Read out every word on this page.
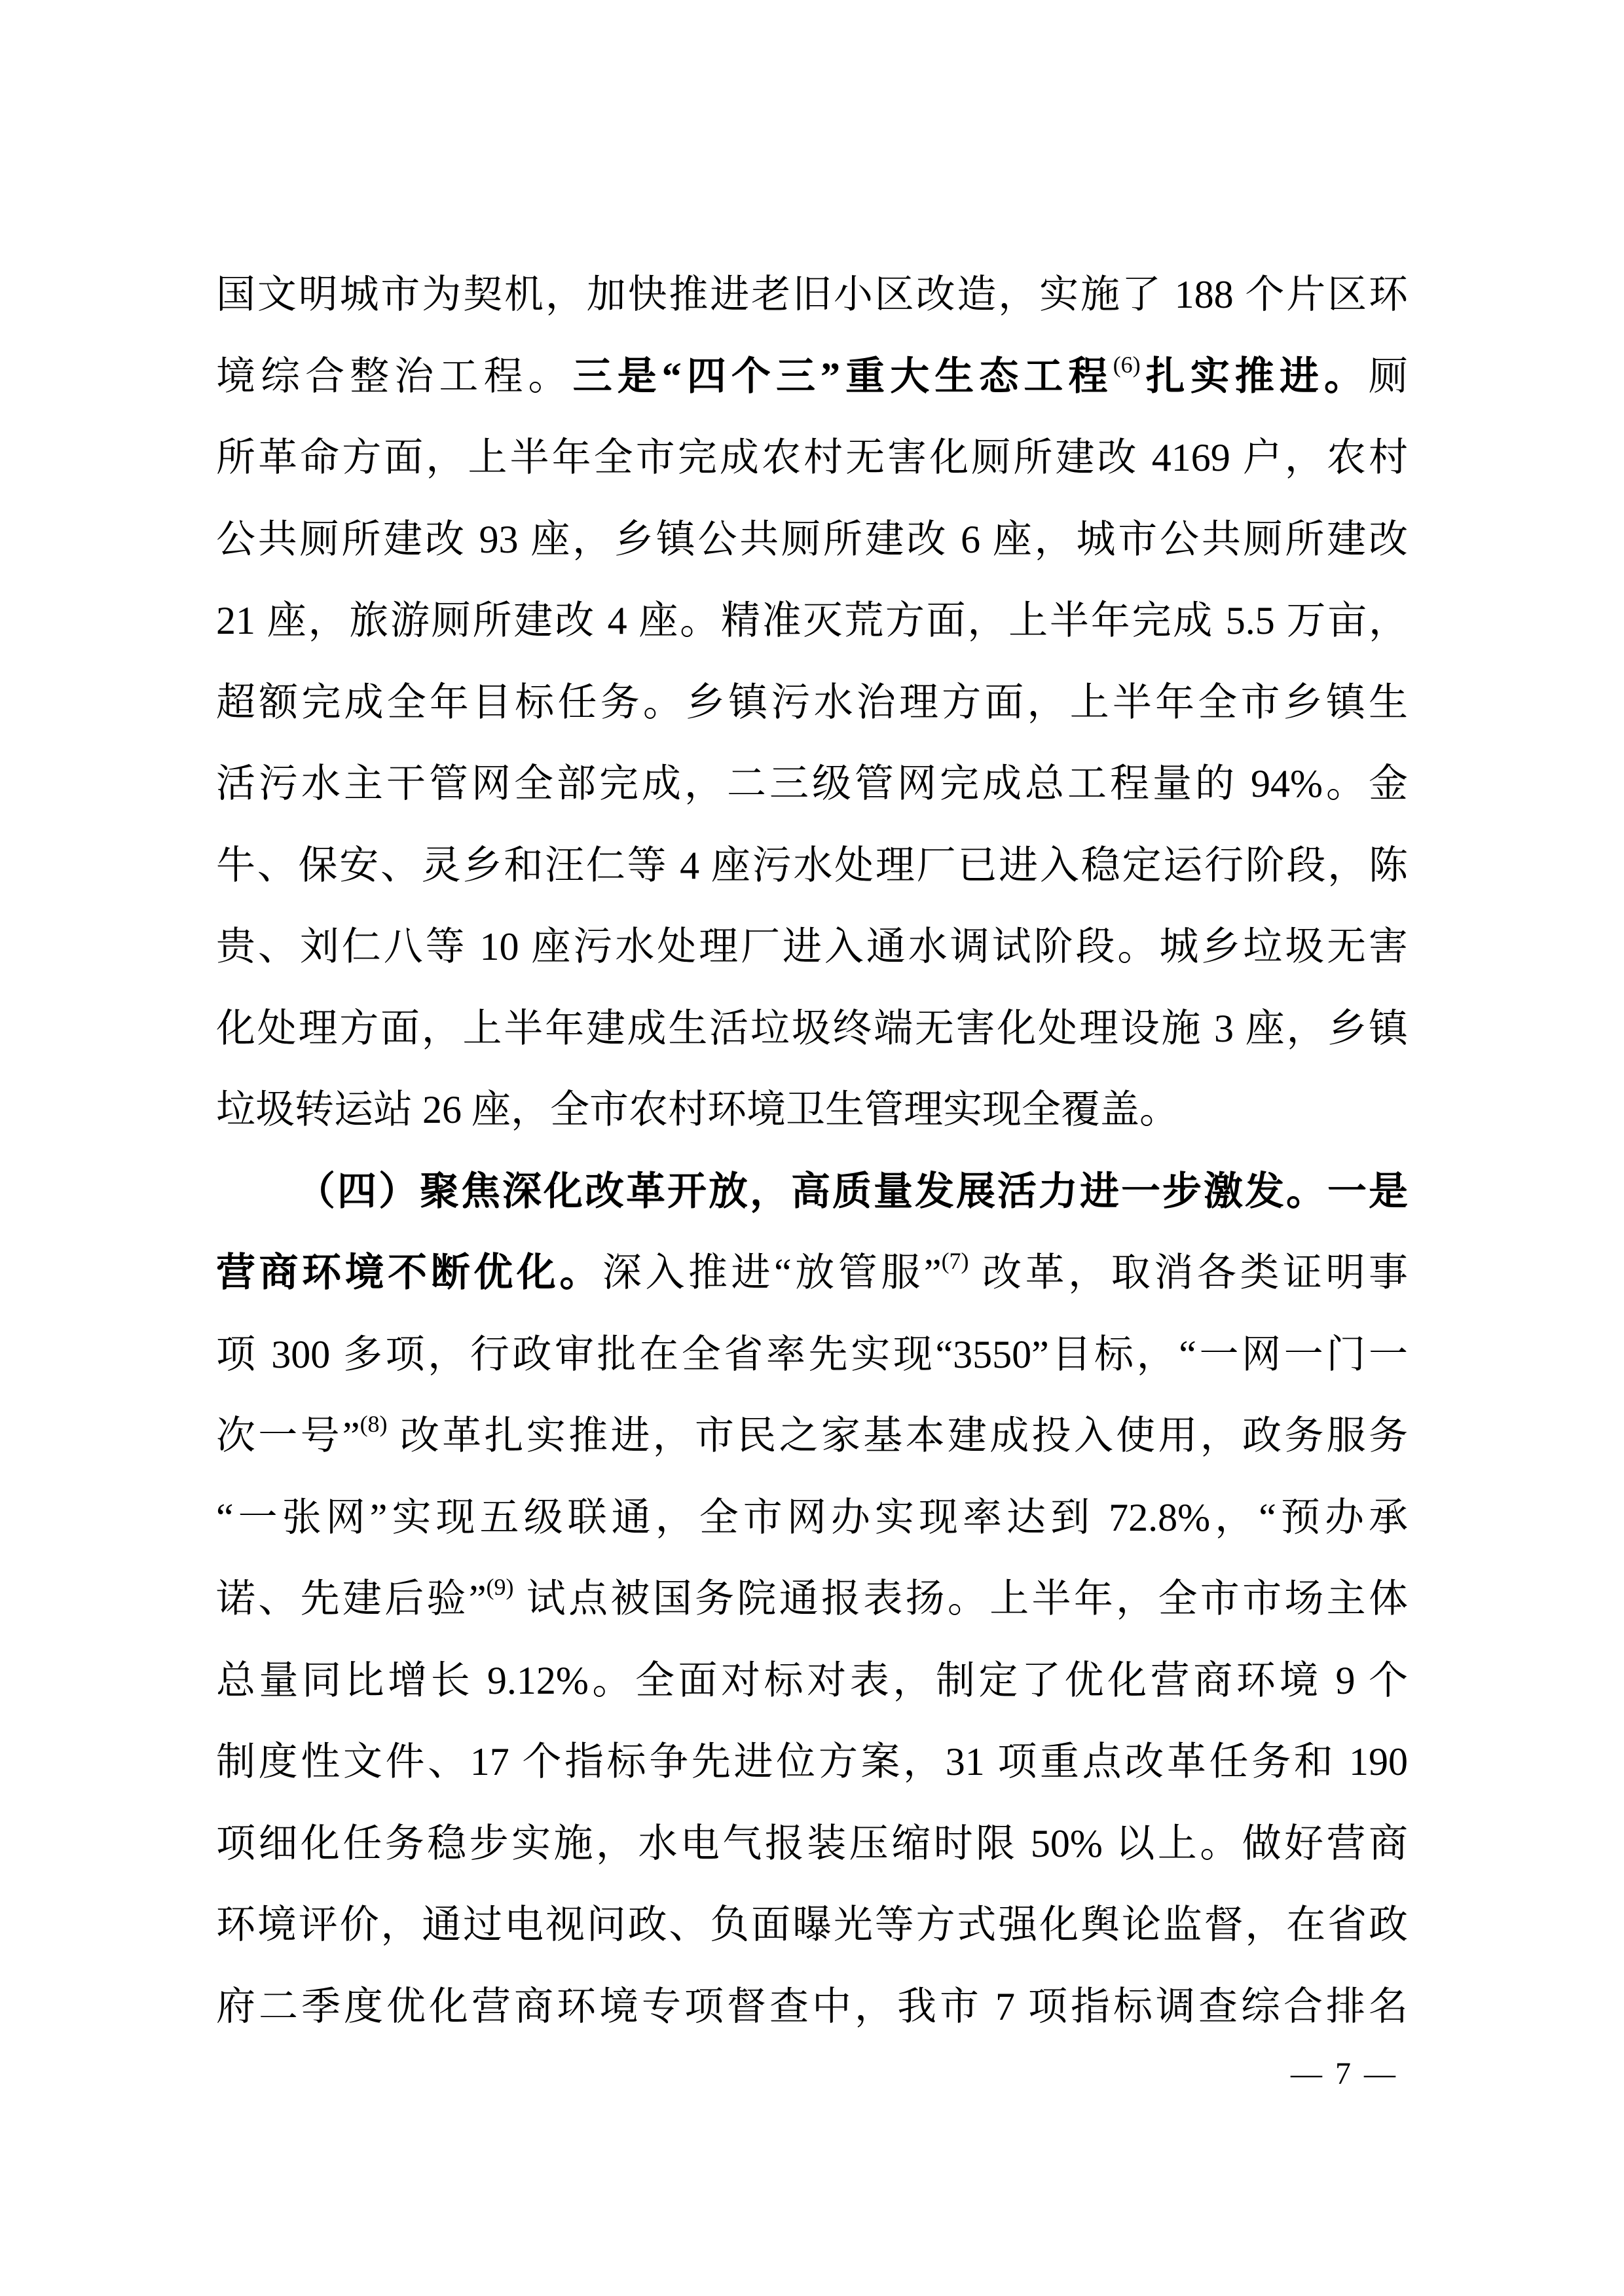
国文明城市为契机，加快推进老旧小区改造，实施了 188 个片区环
境综合整治工程。三是“四个三”重大生态工程$^{(6)}$扎实推进。厕
所革命方面，上半年全市完成农村无害化厕所建改 4169 户，农村
公共厕所建改 93 座，乡镇公共厕所建改 6 座，城市公共厕所建改
21 座，旅游厕所建改 4 座。精准灭荒方面，上半年完成 5.5 万亩，
超额完成全年目标任务。乡镇污水治理方面，上半年全市乡镇生
活污水主干管网全部完成，二三级管网完成总工程量的 94%。金
牛、保安、灵乡和汪仁等 4 座污水处理厂已进入稳定运行阶段，陈
贵、刘仁八等 10 座污水处理厂进入通水调试阶段。城乡垃圾无害
化处理方面，上半年建成生活垃圾终端无害化处理设施 3 座，乡镇
垃圾转运站 26 座，全市农村环境卫生管理实现全覆盖。
（四）聚焦深化改革开放，高质量发展活力进一步激发。一是
营商环境不断优化。深入推进“放管服”$^{(7)}$ 改革，取消各类证明事
项 300 多项，行政审批在全省率先实现“3550”目标，“一网一门一
次一号”$^{(8)}$ 改革扎实推进，市民之家基本建成投入使用，政务服务
“一张网”实现五级联通，全市网办实现率达到 72.8%，“预办承
诺、先建后验”$^{(9)}$ 试点被国务院通报表扬。上半年，全市市场主体
总量同比增长 9.12%。全面对标对表，制定了优化营商环境 9 个
制度性文件、17 个指标争先进位方案，31 项重点改革任务和 190
项细化任务稳步实施，水电气报装压缩时限 50% 以上。做好营商
环境评价，通过电视问政、负面曝光等方式强化舆论监督，在省政
府二季度优化营商环境专项督查中，我市 7 项指标调查综合排名
— 7 —
